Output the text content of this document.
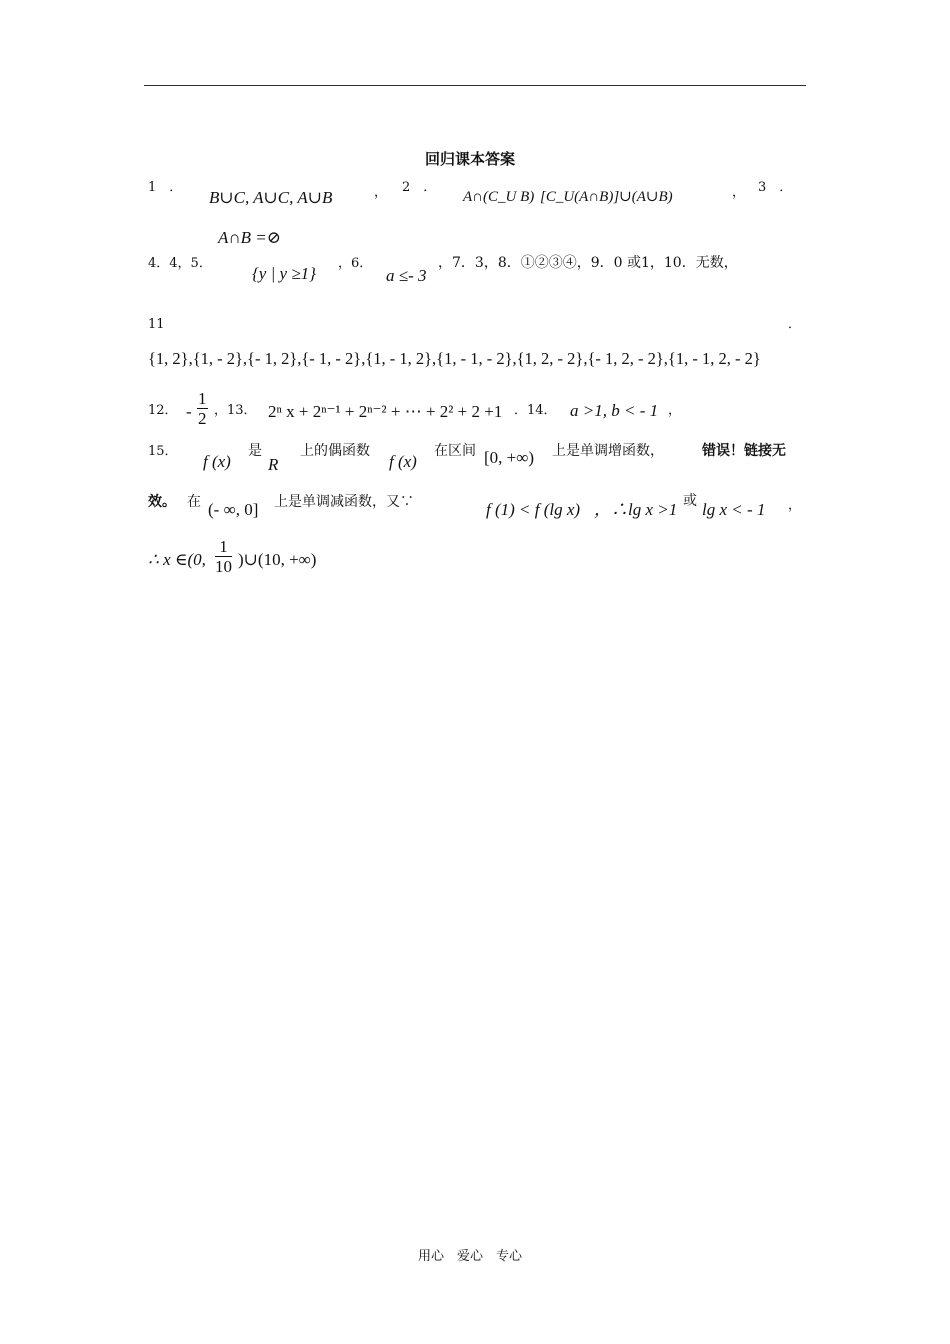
回归课本答案
1　．
B∪C, A∪C, A∪B	， 2　．
A∩(C_U B) [C_U(A∩B)]∪(A∪B)	， 3　．
A∩B =⊘
4．4，5．
{y | y ≥1}
，6．
a ≤- 3
，7．3，8．①②③④，9．0 或1，10．无数，
11	．
{1, 2},{1, - 2},{- 1, 2},{- 1, - 2},{1, - 1, 2},{1, - 1, - 2},{1, 2, - 2},{- 1, 2, - 2},{1, - 1, 2, - 2}
12． - $\frac{1}{2}$ ，13． 2ⁿ x + 2ⁿ⁻¹ + 2ⁿ⁻² + ⋯ + 2² + 2 +1 ．14． a >1, b < - 1 ，
15．
f (x)
是
R
上的偶函数
f (x)
在区间 [0, +∞) 上是单调增函数，	错误！链接无
效。 在 (- ∞, 0] 上是单调减函数，又∵	f (1) < f (lg x) ，∴lg x >1 或 lg x < - 1 ，
∴ x ∈(0, $\frac{1}{10}$ )∪(10, +∞)
用心　爱心　专心
